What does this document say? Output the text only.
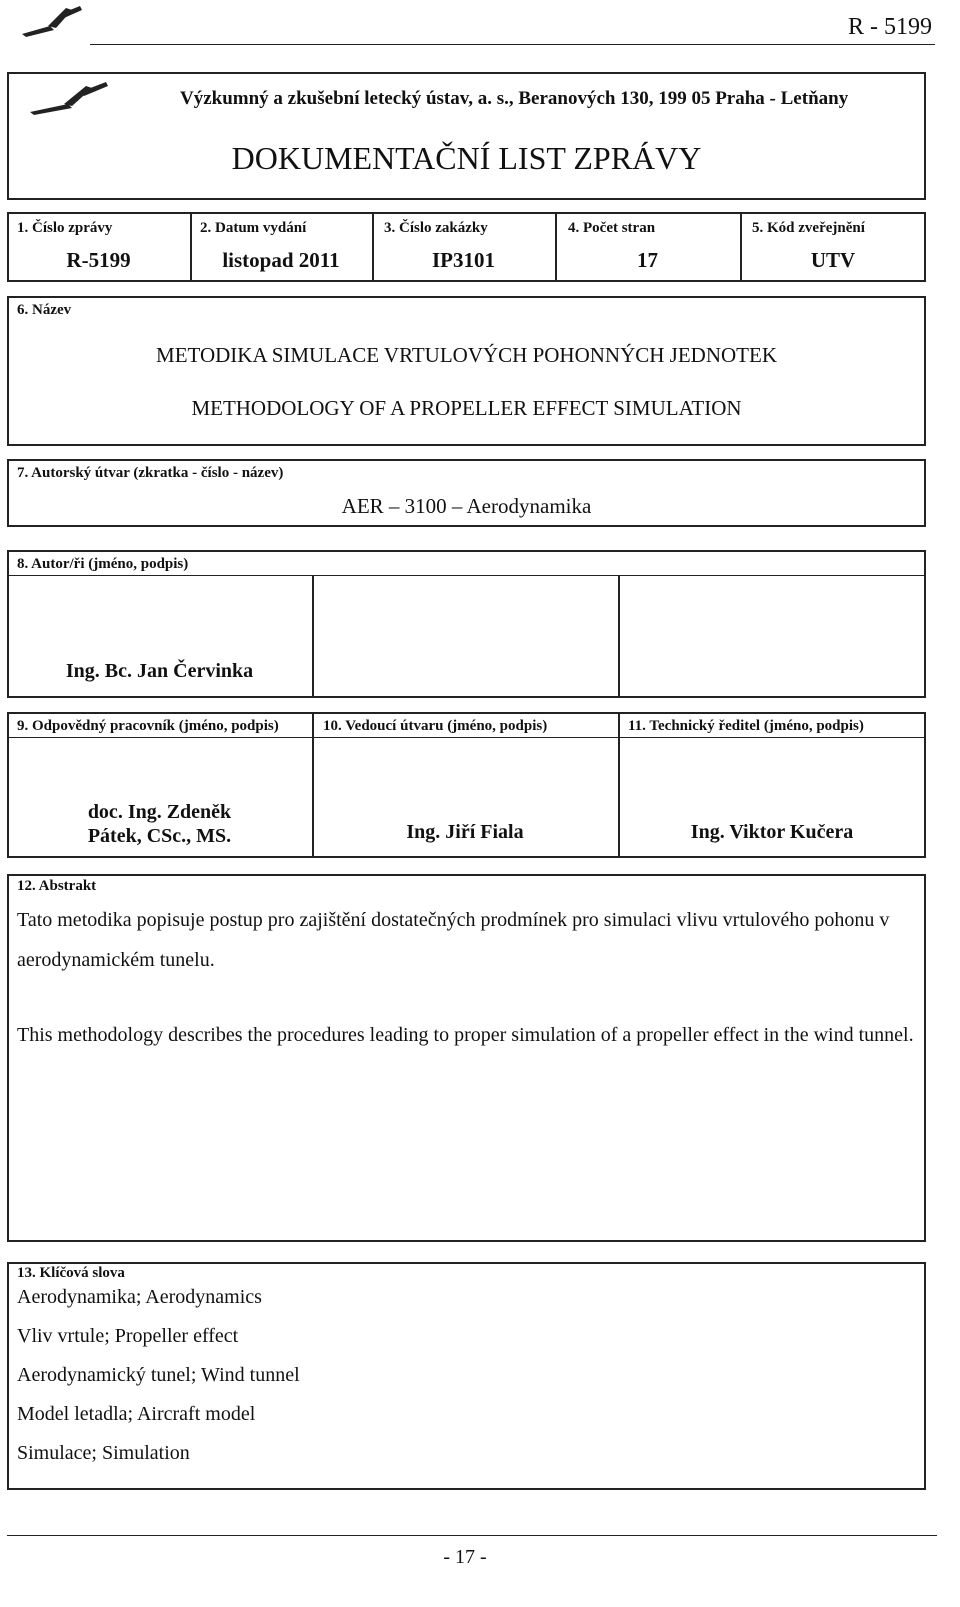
R - 5199
Výzkumný a zkušební letecký ústav, a. s., Beranových 130, 199 05 Praha - Letňany
DOKUMENTAČNÍ LIST ZPRÁVY
1. Číslo zprávy
R-5199
2. Datum vydání
listopad 2011
3. Číslo zakázky
IP3101
4. Počet stran
17
5. Kód zveřejnění
UTV
6. Název
METODIKA SIMULACE VRTULOVÝCH POHONNÝCH JEDNOTEK
METHODOLOGY OF A PROPELLER EFFECT SIMULATION
7. Autorský útvar (zkratka - číslo - název)
AER – 3100 – Aerodynamika
8. Autor/ři (jméno, podpis)
Ing. Bc. Jan Červinka
9. Odpovědný pracovník (jméno, podpis)	10. Vedoucí útvaru (jméno, podpis)	11. Technický ředitel (jméno, podpis)
doc. Ing. Zdeněk Pátek, CSc., MS.	Ing. Jiří Fiala	Ing. Viktor Kučera
12. Abstrakt
Tato metodika popisuje postup pro zajištění dostatečných prodmínek pro simulaci vlivu vrtulového pohonu v aerodynamickém tunelu.
This methodology describes the procedures leading to proper simulation of a propeller effect in the wind tunnel.
13. Klíčová slova
Aerodynamika; Aerodynamics
Vliv vrtule; Propeller effect
Aerodynamický tunel; Wind tunnel
Model letadla; Aircraft model
Simulace; Simulation
- 17 -
